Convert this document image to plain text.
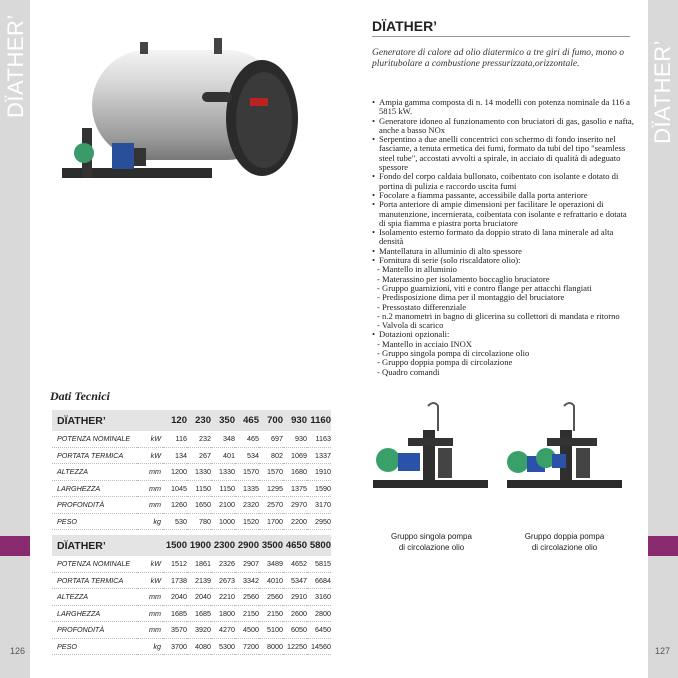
DÏATHER’	DÏATHER’
126	127
DÏATHER’
Generatore di calore ad olio diatermico a tre giri di fumo, mono o pluritubolare a combustione pressurizzata,orizzontale.
• Ampia gamma composta di n. 14 modelli con potenza nominale da 116 a 5815 kW.
• Generatore idoneo al funzionamento con bruciatori di gas, gasolio e nafta, anche a basso NOx
• Serpentino a due anelli concentrici con schermo di fondo inserito nel fasciame, a tenuta ermetica dei fumi, formato da tubi del tipo "seamless steel tube", accostati avvolti a spirale, in acciaio di qualità di adeguato spessore
• Fondo del corpo caldaia bullonato, coibentato con isolante e dotato di portina di pulizia e raccordo uscita fumi
• Focolare a fiamma passante, accessibile dalla porta anteriore
• Porta anteriore di ampie dimensioni per facilitare le operazioni di manutenzione, incernierata, coibentata con isolante e refrattario e dotata di spia fiamma e piastra porta bruciatore
• Isolamento esterno formato da doppio strato di lana minerale ad alta densità
• Mantellatura in alluminio di alto spessore
• Fornitura di serie (solo riscaldatore olio):
- Mantello in alluminio
- Materassino per isolamento boccaglio bruciatore
- Gruppo guarnizioni, viti e contro flange per attacchi flangiati
- Predisposizione dima per il montaggio del bruciatore
- Pressostato differenziale
- n.2 manometri in bagno di glicerina su collettori di mandata e ritorno
- Valvola di scarico
• Dotazioni opzionali:
- Mantello in acciaio INOX
- Gruppo singola pompa di circolazione olio
- Gruppo doppia pompa di circolazione
- Quadro comandi
Dati Tecnici
DÏATHER’		120	230	350	465	700	930	1160
POTENZA NOMINALE	kW	116	232	348	465	697	930	1163
PORTATA TERMICA	kW	134	267	401	534	802	1069	1337
ALTEZZA	mm	1200	1330	1330	1570	1570	1680	1910
LARGHEZZA	mm	1045	1150	1150	1335	1295	1375	1590
PROFONDITÀ	mm	1260	1650	2100	2320	2570	2970	3170
PESO	kg	530	780	1000	1520	1700	2200	2950
DÏATHER’		1500	1900	2300	2900	3500	4650	5800
POTENZA NOMINALE	kW	1512	1861	2326	2907	3489	4652	5815
PORTATA TERMICA	kW	1738	2139	2673	3342	4010	5347	6684
ALTEZZA	mm	2040	2040	2210	2560	2560	2910	3160
LARGHEZZA	mm	1685	1685	1800	2150	2150	2600	2800
PROFONDITÀ	mm	3570	3920	4270	4500	5100	6050	6450
PESO	kg	3700	4080	5300	7200	8000	12250	14560
Gruppo singola pompa
di circolazione olio
Gruppo doppia pompa
di circolazione olio
